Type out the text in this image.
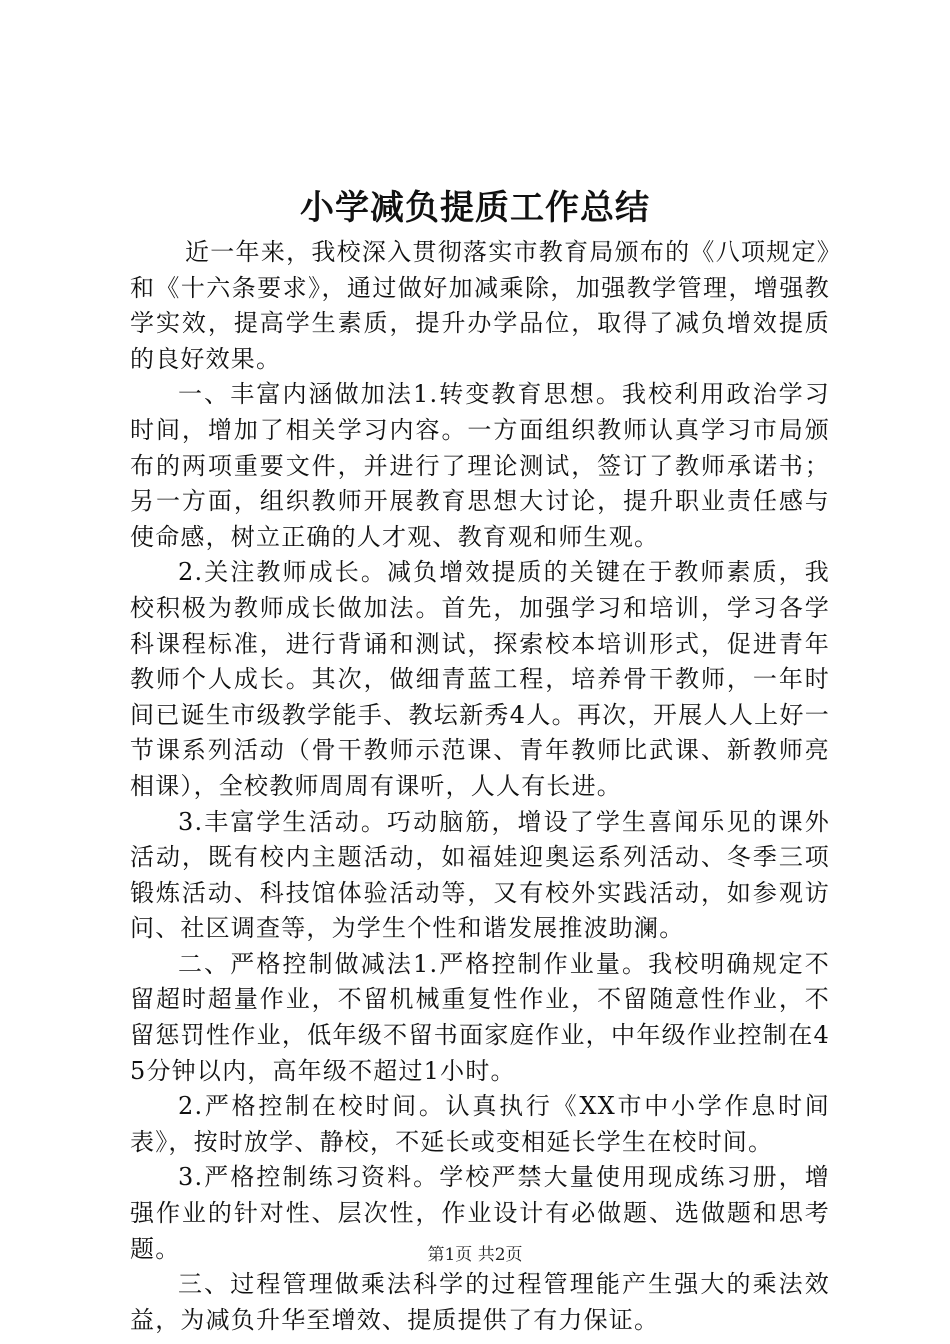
小学减负提质工作总结

近一年来，我校深入贯彻落实市教育局颁布的《八项规定》和《十六条要求》，通过做好加减乘除，加强教学管理，增强教学实效，提高学生素质，提升办学品位，取得了减负增效提质的良好效果。

一、丰富内涵做加法1.转变教育思想。我校利用政治学习时间，增加了相关学习内容。一方面组织教师认真学习市局颁布的两项重要文件，并进行了理论测试，签订了教师承诺书；另一方面，组织教师开展教育思想大讨论，提升职业责任感与使命感，树立正确的人才观、教育观和师生观。

2.关注教师成长。减负增效提质的关键在于教师素质，我校积极为教师成长做加法。首先，加强学习和培训，学习各学科课程标准，进行背诵和测试，探索校本培训形式，促进青年教师个人成长。其次，做细青蓝工程，培养骨干教师，一年时间已诞生市级教学能手、教坛新秀4人。再次，开展人人上好一节课系列活动（骨干教师示范课、青年教师比武课、新教师亮相课），全校教师周周有课听，人人有长进。

3.丰富学生活动。巧动脑筋，增设了学生喜闻乐见的课外活动，既有校内主题活动，如福娃迎奥运系列活动、冬季三项锻炼活动、科技馆体验活动等，又有校外实践活动，如参观访问、社区调查等，为学生个性和谐发展推波助澜。

二、严格控制做减法1.严格控制作业量。我校明确规定不留超时超量作业，不留机械重复性作业，不留随意性作业，不留惩罚性作业，低年级不留书面家庭作业，中年级作业控制在45分钟以内，高年级不超过1小时。

2.严格控制在校时间。认真执行《XX市中小学作息时间表》，按时放学、静校，不延长或变相延长学生在校时间。

3.严格控制练习资料。学校严禁大量使用现成练习册，增强作业的针对性、层次性，作业设计有必做题、选做题和思考题。

三、过程管理做乘法科学的过程管理能产生强大的乘法效益，为减负升华至增效、提质提供了有力保证。

第1页 共2页
